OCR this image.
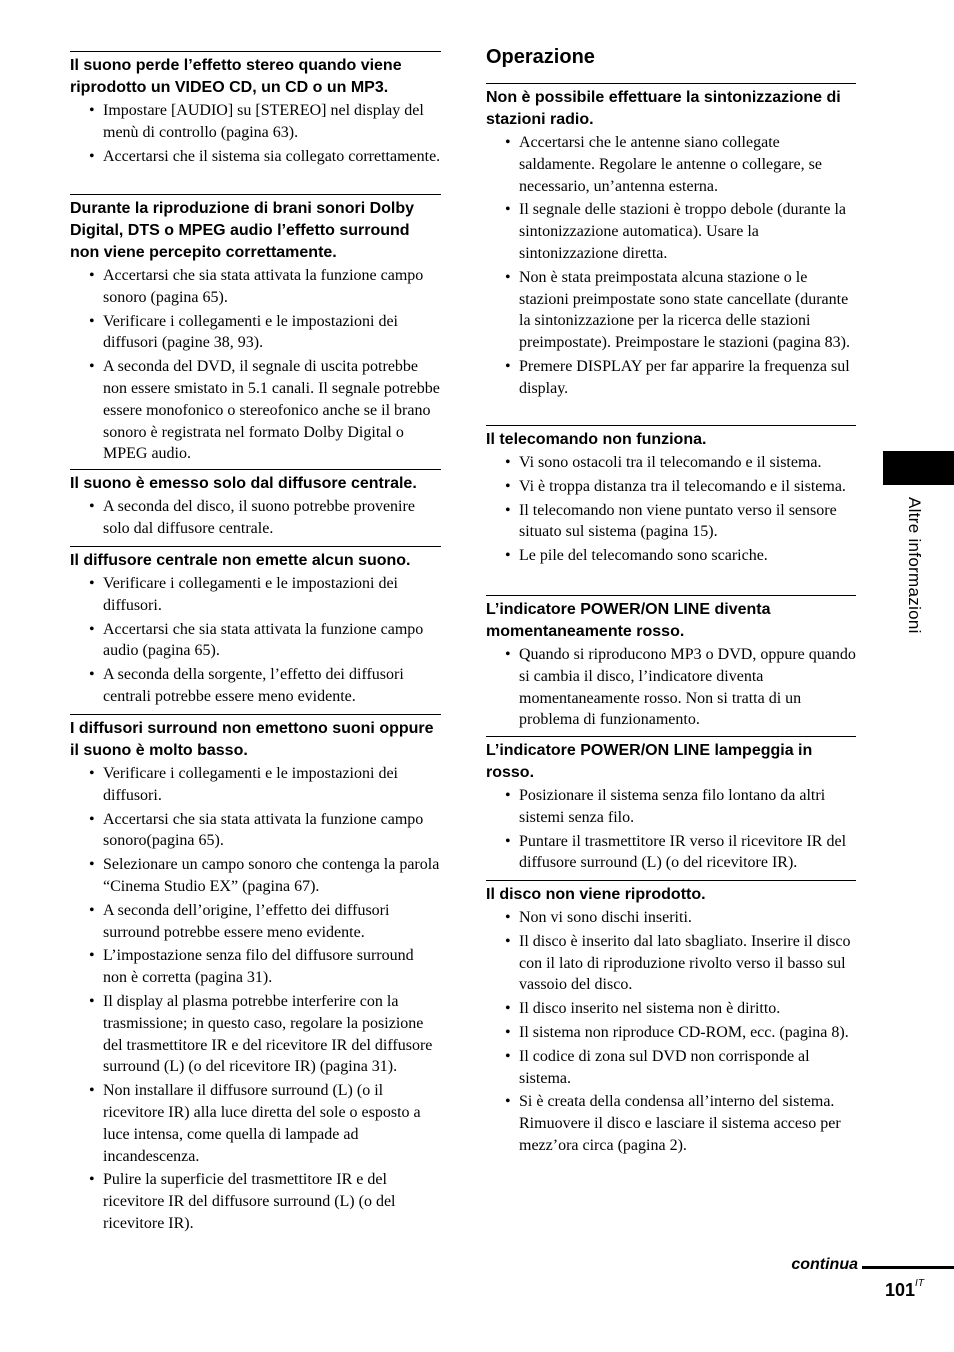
Il suono perde l’effetto stereo quando viene riprodotto un VIDEO CD, un CD o un MP3.
• Impostare [AUDIO] su [STEREO] nel display del menù di controllo (pagina 63).
• Accertarsi che il sistema sia collegato correttamente.
Durante la riproduzione di brani sonori Dolby Digital, DTS o MPEG audio l’effetto surround non viene percepito correttamente.
• Accertarsi che sia stata attivata la funzione campo sonoro (pagina 65).
• Verificare i collegamenti e le impostazioni dei diffusori (pagine 38, 93).
• A seconda del DVD, il segnale di uscita potrebbe non essere smistato in 5.1 canali. Il segnale potrebbe essere monofonico o stereofonico anche se il brano sonoro è registrata nel formato Dolby Digital o MPEG audio.
Il suono è emesso solo dal diffusore centrale.
• A seconda del disco, il suono potrebbe provenire solo dal diffusore centrale.
Il diffusore centrale non emette alcun suono.
• Verificare i collegamenti e le impostazioni dei diffusori.
• Accertarsi che sia stata attivata la funzione campo audio (pagina 65).
• A seconda della sorgente, l’effetto dei diffusori centrali potrebbe essere meno evidente.
I diffusori surround non emettono suoni oppure il suono è molto basso.
• Verificare i collegamenti e le impostazioni dei diffusori.
• Accertarsi che sia stata attivata la funzione campo sonoro(pagina 65).
• Selezionare un campo sonoro che contenga la parola “Cinema Studio EX” (pagina 67).
• A seconda dell’origine, l’effetto dei diffusori surround potrebbe essere meno evidente.
• L’impostazione senza filo del diffusore surround non è corretta (pagina 31).
• Il display al plasma potrebbe interferire con la trasmissione; in questo caso, regolare la posizione del trasmettitore IR e del ricevitore IR del diffusore surround (L) (o del ricevitore IR) (pagina 31).
• Non installare il diffusore surround (L) (o il ricevitore IR) alla luce diretta del sole o esposto a luce intensa, come quella di lampade ad incandescenza.
• Pulire la superficie del trasmettitore IR e del ricevitore IR del diffusore surround (L) (o del ricevitore IR).
Operazione
Non è possibile effettuare la sintonizzazione di stazioni radio.
• Accertarsi che le antenne siano collegate saldamente. Regolare le antenne o collegare, se necessario, un’antenna esterna.
• Il segnale delle stazioni è troppo debole (durante la sintonizzazione automatica). Usare la sintonizzazione diretta.
• Non è stata preimpostata alcuna stazione o le stazioni preimpostate sono state cancellate (durante la sintonizzazione per la ricerca delle stazioni preimpostate). Preimpostare le stazioni (pagina 83).
• Premere DISPLAY per far apparire la frequenza sul display.
Il telecomando non funziona.
• Vi sono ostacoli tra il telecomando e il sistema.
• Vi è troppa distanza tra il telecomando e il sistema.
• Il telecomando non viene puntato verso il sensore situato sul sistema (pagina 15).
• Le pile del telecomando sono scariche.
L’indicatore POWER/ON LINE diventa momentaneamente rosso.
• Quando si riproducono MP3 o DVD, oppure quando si cambia il disco, l’indicatore diventa momentaneamente rosso. Non si tratta di un problema di funzionamento.
L’indicatore POWER/ON LINE lampeggia in rosso.
• Posizionare il sistema senza filo lontano da altri sistemi senza filo.
• Puntare il trasmettitore IR verso il ricevitore IR del diffusore surround (L) (o del ricevitore IR).
Il disco non viene riprodotto.
• Non vi sono dischi inseriti.
• Il disco è inserito dal lato sbagliato. Inserire il disco con il lato di riproduzione rivolto verso il basso sul vassoio del disco.
• Il disco inserito nel sistema non è diritto.
• Il sistema non riproduce CD-ROM, ecc. (pagina 8).
• Il codice di zona sul DVD non corrisponde al sistema.
• Si è creata della condensa all’interno del sistema. Rimuovere il disco e lasciare il sistema acceso per mezz’ora circa (pagina 2).
Altre informazioni
continua
$101^{IT}$
